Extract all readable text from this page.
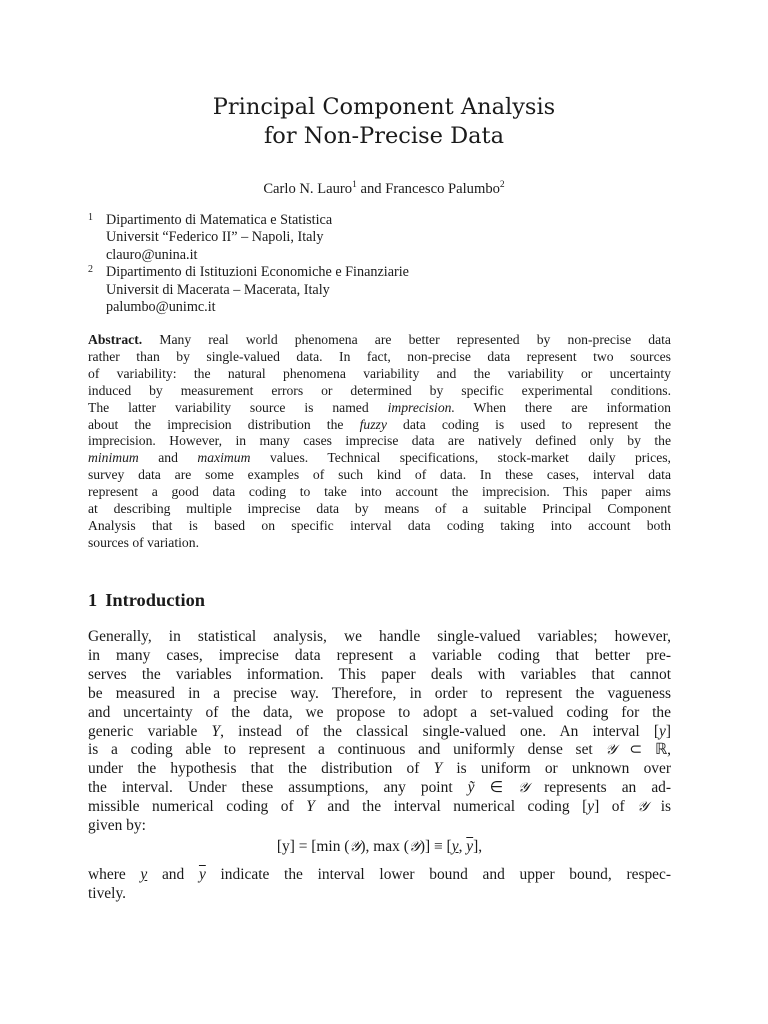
Principal Component Analysis
for Non-Precise Data
Carlo N. Lauro$^1$ and Francesco Palumbo$^2$
1 Dipartimento di Matematica e Statistica
Universit “Federico II” – Napoli, Italy
clauro@unina.it
2 Dipartimento di Istituzioni Economiche e Finanziarie
Universit di Macerata – Macerata, Italy
palumbo@unimc.it
Abstract. Many real world phenomena are better represented by non-precise data
rather than by single-valued data. In fact, non-precise data represent two sources
of variability: the natural phenomena variability and the variability or uncertainty
induced by measurement errors or determined by specific experimental conditions.
The latter variability source is named imprecision. When there are information
about the imprecision distribution the fuzzy data coding is used to represent the
imprecision. However, in many cases imprecise data are natively defined only by the
minimum and maximum values. Technical specifications, stock-market daily prices,
survey data are some examples of such kind of data. In these cases, interval data
represent a good data coding to take into account the imprecision. This paper aims
at describing multiple imprecise data by means of a suitable Principal Component
Analysis that is based on specific interval data coding taking into account both
sources of variation.
1 Introduction
Generally, in statistical analysis, we handle single-valued variables; however,
in many cases, imprecise data represent a variable coding that better pre-
serves the variables information. This paper deals with variables that cannot
be measured in a precise way. Therefore, in order to represent the vagueness
and uncertainty of the data, we propose to adopt a set-valued coding for the
generic variable Y, instead of the classical single-valued one. An interval [y]
is a coding able to represent a continuous and uniformly dense set 𝒴 ⊂ ℝ,
under the hypothesis that the distribution of Y is uniform or unknown over
the interval. Under these assumptions, any point ỹ ∈ 𝒴 represents an ad-
missible numerical coding of Y and the interval numerical coding [y] of 𝒴 is
given by:
[y] = [min (𝒴), max (𝒴)] ≡ [y, $\overline{y}$],
where y and $\overline{y}$ indicate the interval lower bound and upper bound, respec-
tively.
